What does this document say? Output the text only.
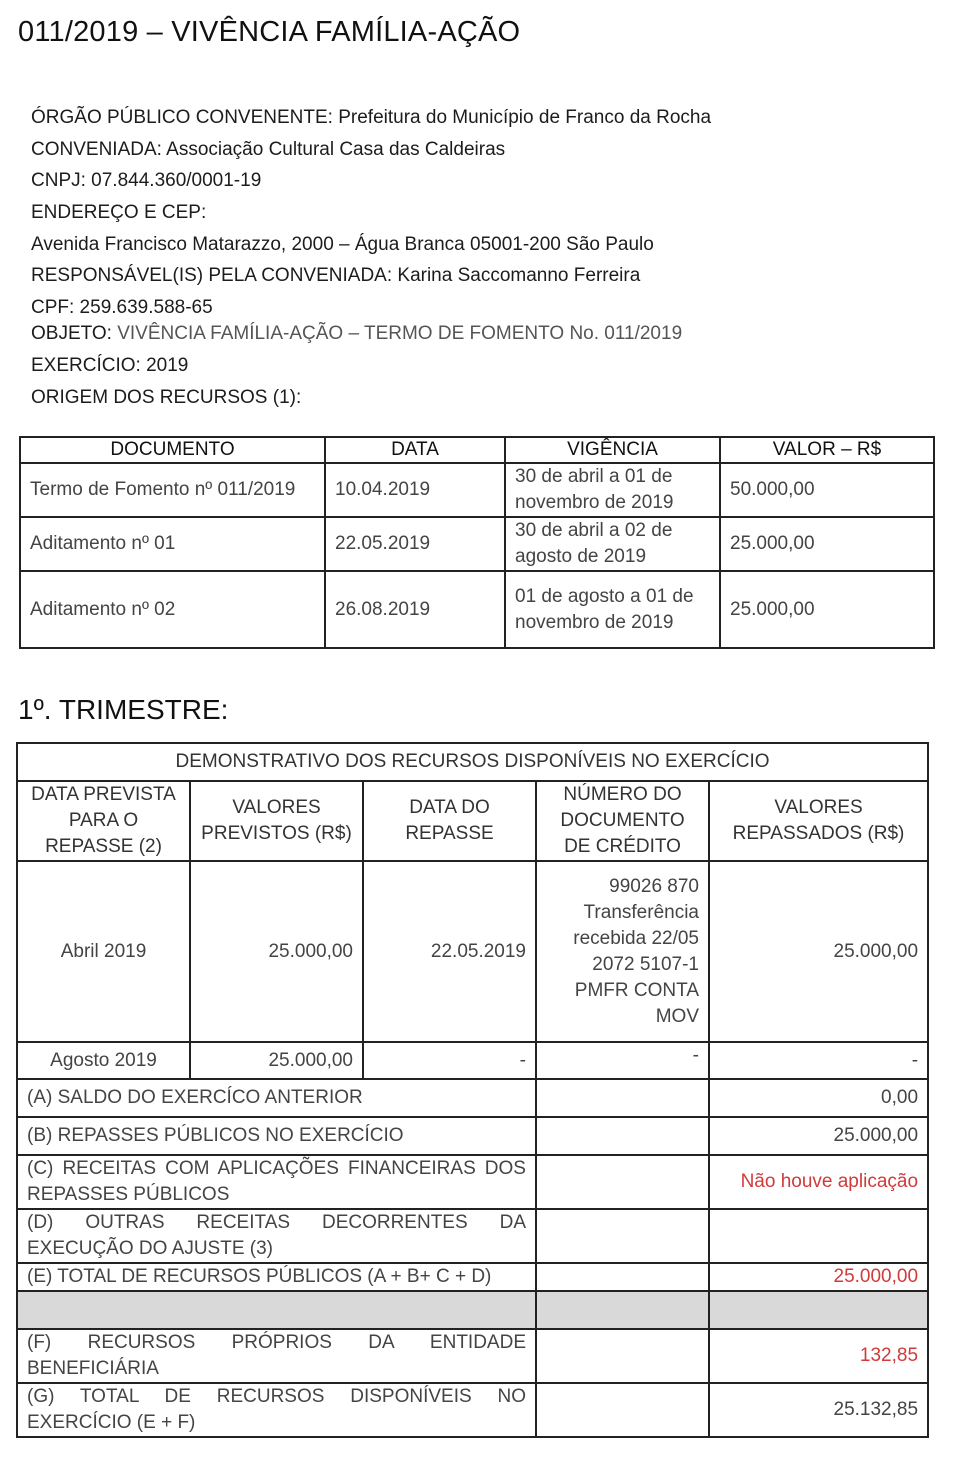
011/2019 – VIVÊNCIA FAMÍLIA-AÇÃO
ÓRGÃO PÚBLICO CONVENENTE: Prefeitura do Município de Franco da Rocha
CONVENIADA: Associação Cultural Casa das Caldeiras
CNPJ: 07.844.360/0001-19
ENDEREÇO E CEP:
Avenida Francisco Matarazzo, 2000 – Água Branca 05001-200 São Paulo
RESPONSÁVEL(IS) PELA CONVENIADA: Karina Saccomanno Ferreira
CPF: 259.639.588-65
OBJETO: VIVÊNCIA FAMÍLIA-AÇÃO – TERMO DE FOMENTO No. 011/2019
EXERCÍCIO: 2019
ORIGEM DOS RECURSOS (1):
DOCUMENTO	DATA	VIGÊNCIA	VALOR – R$
Termo de Fomento nº 011/2019	10.04.2019	30 de abril a 01 de novembro de 2019	50.000,00
Aditamento nº 01	22.05.2019	30 de abril a 02 de agosto de 2019	25.000,00
Aditamento nº 02	26.08.2019	01 de agosto a 01 de novembro de 2019	25.000,00
1º. TRIMESTRE:
DEMONSTRATIVO DOS RECURSOS DISPONÍVEIS NO EXERCÍCIO				
DATA PREVISTA PARA O REPASSE (2)	VALORES PREVISTOS (R$)	DATA DO REPASSE	NÚMERO DO DOCUMENTO DE CRÉDITO	VALORES REPASSADOS (R$)
Abril 2019	25.000,00	22.05.2019	99026 870 Transferência recebida 22/05 2072 5107-1 PMFR CONTA MOV	25.000,00
Agosto 2019	25.000,00	-	-	-
(A) SALDO DO EXERCÍCO ANTERIOR				0,00
(B) REPASSES PÚBLICOS NO EXERCÍCIO				25.000,00
(C) RECEITAS COM APLICAÇÕES FINANCEIRAS DOS REPASSES PÚBLICOS				Não houve aplicação
(D) OUTRAS RECEITAS DECORRENTES DA EXECUÇÃO DO AJUSTE (3)				
(E) TOTAL DE RECURSOS PÚBLICOS (A + B+ C + D)				25.000,00

(F) RECURSOS PRÓPRIOS DA ENTIDADE BENEFICIÁRIA				132,85
(G) TOTAL DE RECURSOS DISPONÍVEIS NO EXERCÍCIO (E + F)				25.132,85
